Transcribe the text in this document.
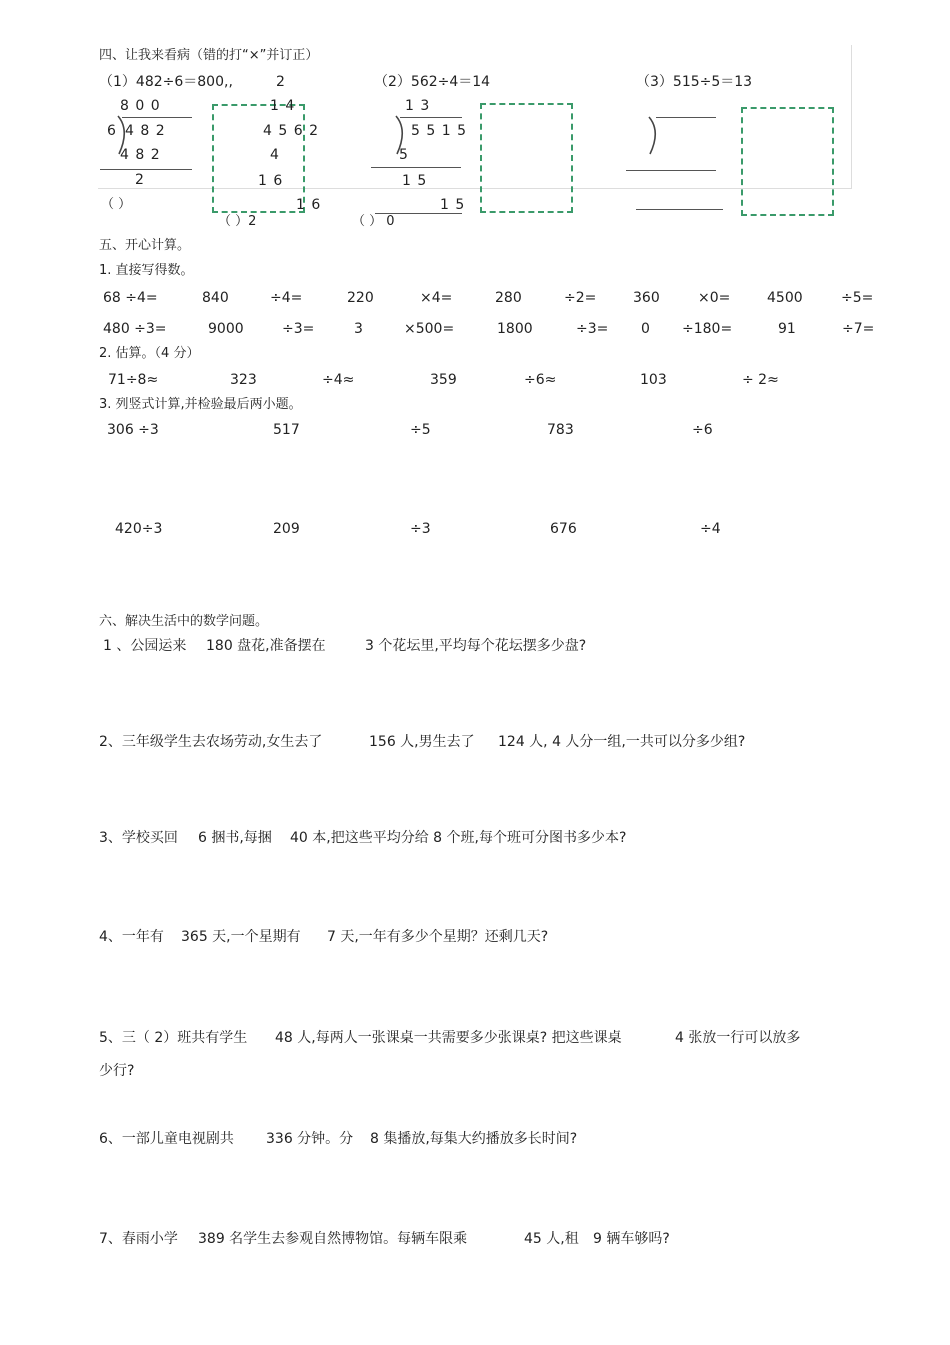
四、让我来看病（错的打“×”并订正）
（1）482÷6＝800,,	2	（2）562÷4＝14	（3）515÷5＝13
8 0 0
6 4 8 2
4 8 2
2
（ ）
1 4
4 5 6 2
4
1 6
1 6
（ ）2
1 3
5 5 1 5
5
1 5
1 5
（ ） 0
五、开心计算。
1. 直接写得数。
68 ÷4=	840	÷4=	220	×4=	280	÷2=	360	×0=	4500	÷5=
480 ÷3=	9000	÷3=	3	×500=	1800	÷3= 0 ÷180=	91	÷7=
2. 估算。（4 分）
71÷8≈	323	÷4≈	359	÷6≈	103	÷ 2≈
3. 列竖式计算,并检验最后两小题。
306 ÷3	517	÷5	783	÷6
420÷3	209	÷3	676	÷4
六、解决生活中的数学问题。
1 、公园运来 180 盘花,准备摆在	3 个花坛里,平均每个花坛摆多少盘?
2、三年级学生去农场劳动,女生去了	156 人,男生去了 124 人, 4 人分一组,一共可以分多少组?
3、学校买回 6 捆书,每捆 40 本,把这些平均分给 8 个班,每个班可分图书多少本?
4、一年有 365 天,一个星期有 7 天,一年有多少个星期？还剩几天?
5、三（ 2）班共有学生 48 人,每两人一张课桌一共需要多少张课桌? 把这些课桌	4 张放一行可以放多
少行?
6、一部儿童电视剧共 336 分钟。分 8 集播放,每集大约播放多长时间?
7、春雨小学 389 名学生去参观自然博物馆。每辆车限乘	45 人,租 9 辆车够吗?
